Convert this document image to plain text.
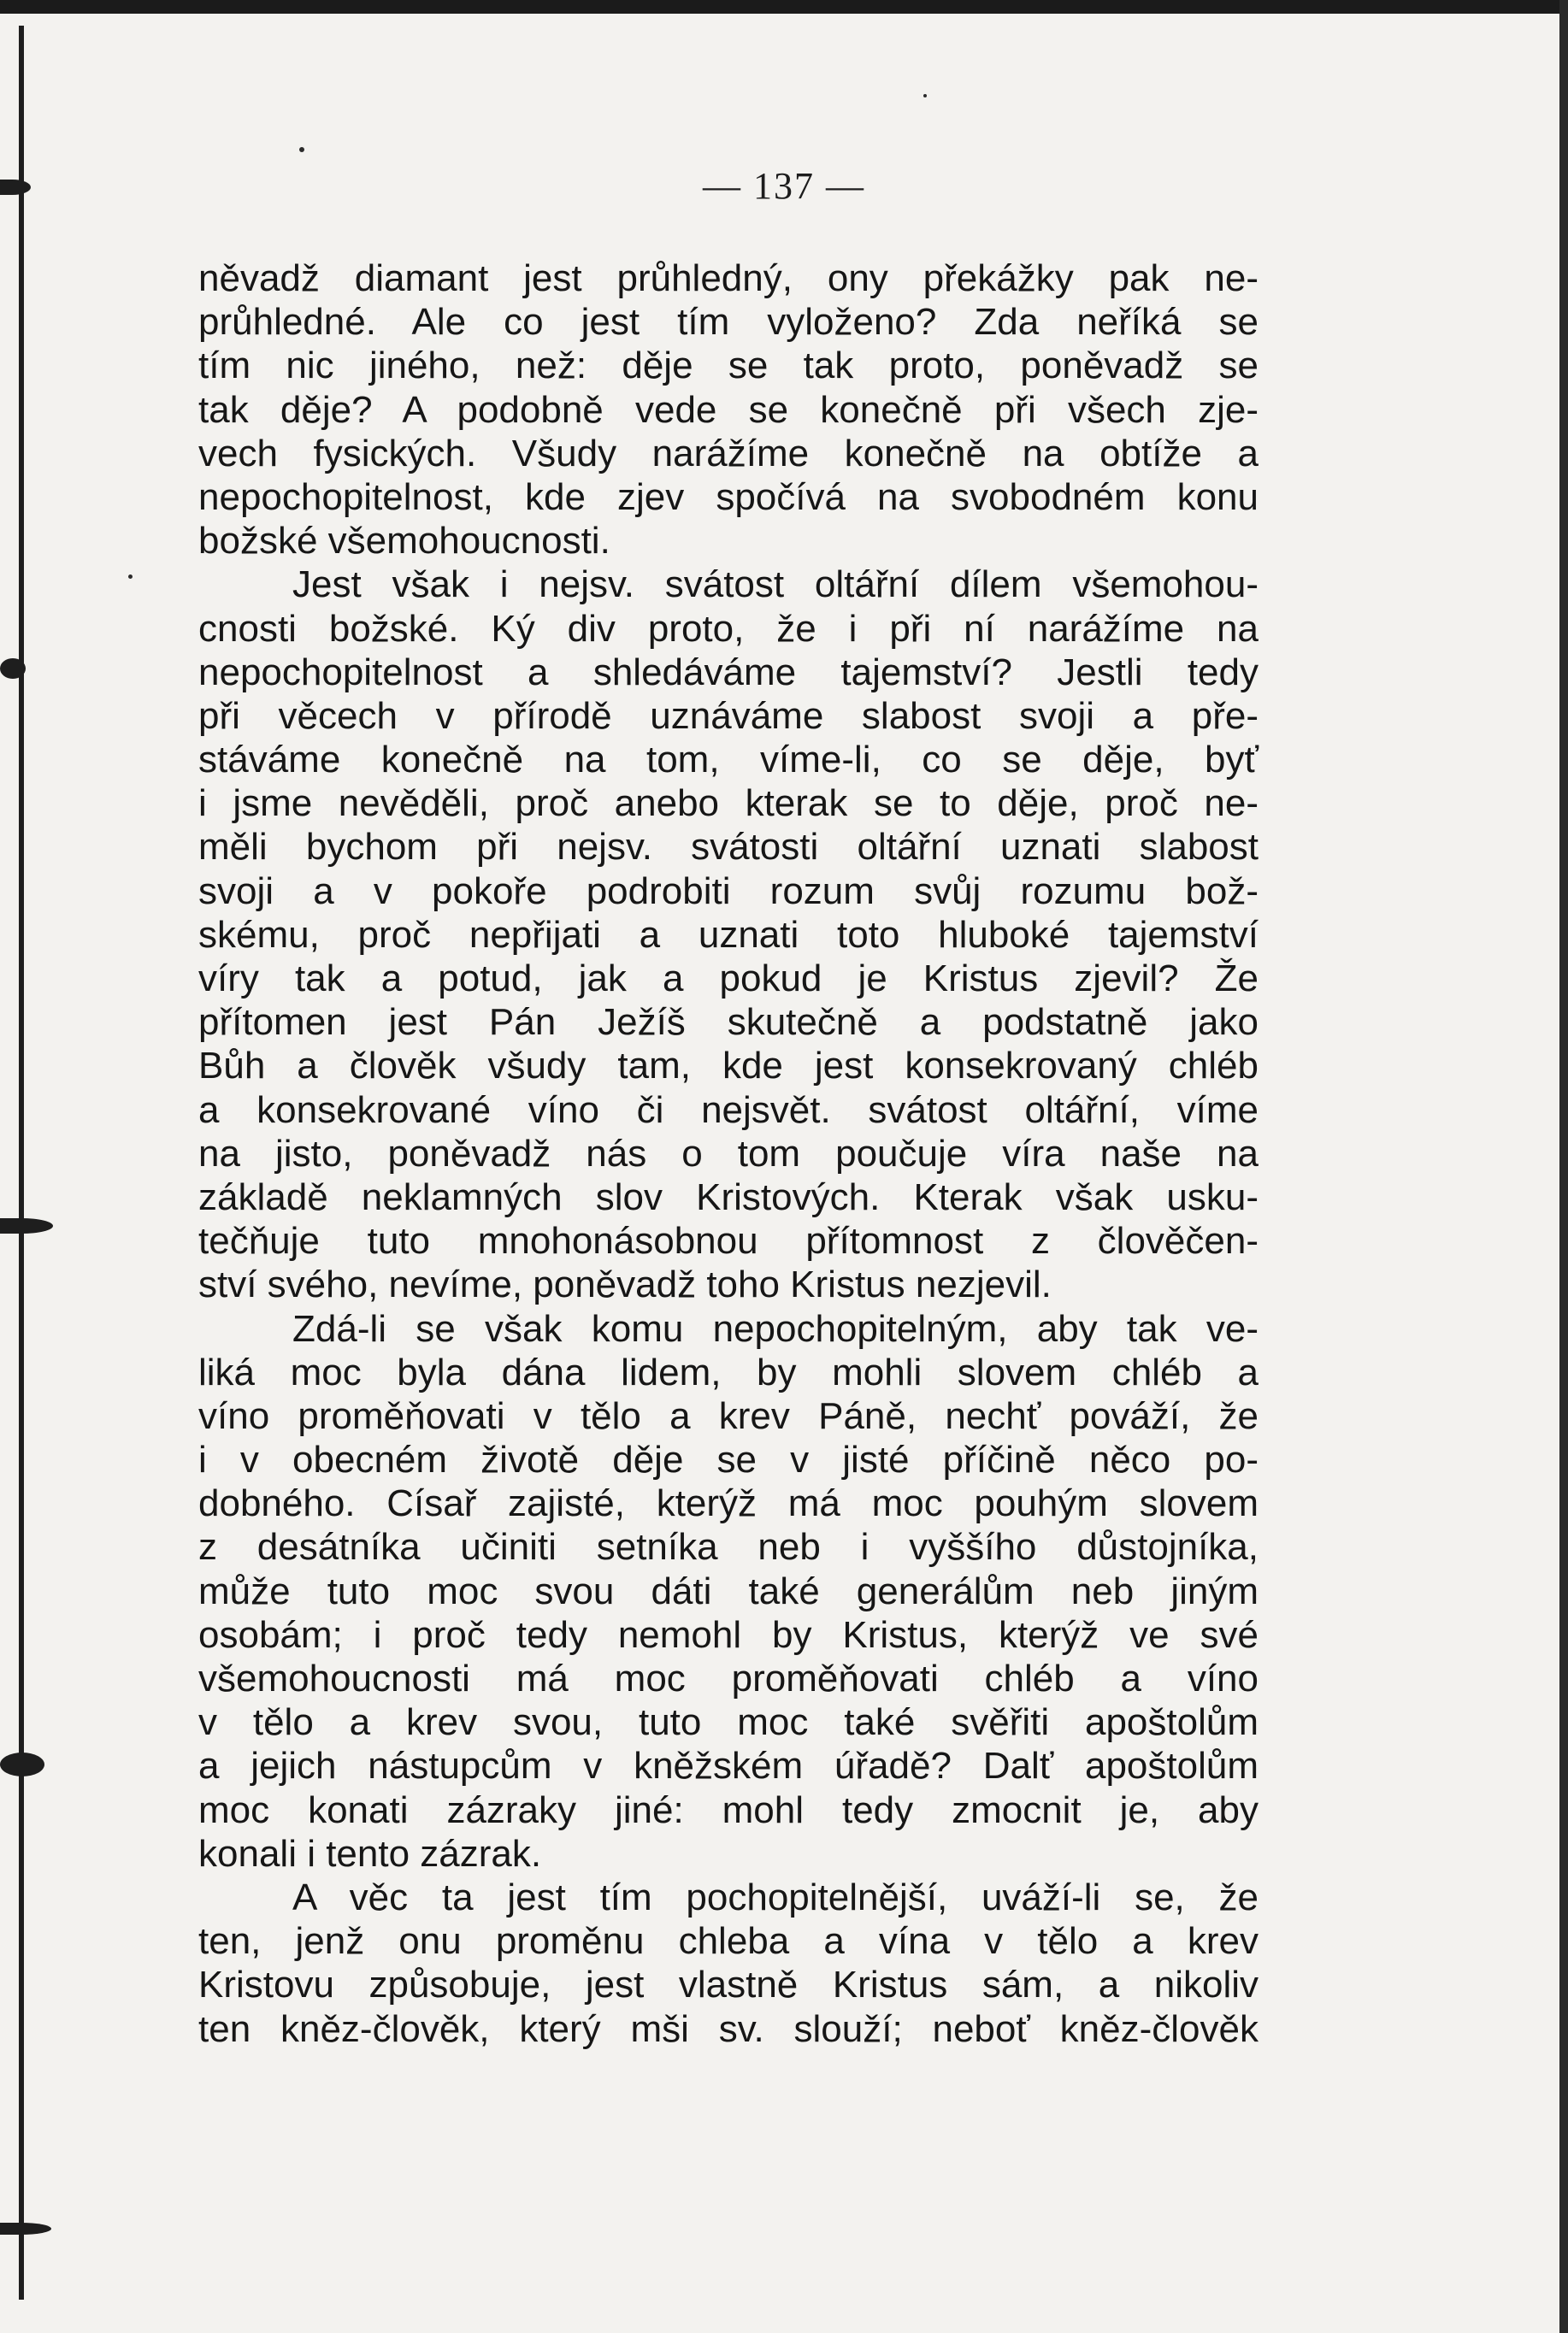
— 137 —
něvadž diamant jest průhledný, ony překážky pak ne-
průhledné. Ale co jest tím vyloženo? Zda neříká se
tím nic jiného, než: děje se tak proto, poněvadž se
tak děje? A podobně vede se konečně při všech zje-
vech fysických. Všudy narážíme konečně na obtíže a
nepochopitelnost, kde zjev spočívá na svobodném konu
božské všemohoucnosti.
Jest však i nejsv. svátost oltářní dílem všemohou-
cnosti božské. Ký div proto, že i při ní narážíme na
nepochopitelnost a shledáváme tajemství? Jestli tedy
při věcech v přírodě uznáváme slabost svoji a pře-
stáváme konečně na tom, víme-li, co se děje, byť
i jsme nevěděli, proč anebo kterak se to děje, proč ne-
měli bychom při nejsv. svátosti oltářní uznati slabost
svoji a v pokoře podrobiti rozum svůj rozumu bož-
skému, proč nepřijati a uznati toto hluboké tajemství
víry tak a potud, jak a pokud je Kristus zjevil? Že
přítomen jest Pán Ježíš skutečně a podstatně jako
Bůh a člověk všudy tam, kde jest konsekrovaný chléb
a konsekrované víno či nejsvět. svátost oltářní, víme
na jisto, poněvadž nás o tom poučuje víra naše na
základě neklamných slov Kristových. Kterak však usku-
tečňuje tuto mnohonásobnou přítomnost z člověčen-
ství svého, nevíme, poněvadž toho Kristus nezjevil.
Zdá-li se však komu nepochopitelným, aby tak ve-
liká moc byla dána lidem, by mohli slovem chléb a
víno proměňovati v tělo a krev Páně, nechť pováží, že
i v obecném životě děje se v jisté příčině něco po-
dobného. Císař zajisté, kterýž má moc pouhým slovem
z desátníka učiniti setníka neb i vyššího důstojníka,
může tuto moc svou dáti také generálům neb jiným
osobám; i proč tedy nemohl by Kristus, kterýž ve své
všemohoucnosti má moc proměňovati chléb a víno
v tělo a krev svou, tuto moc také svěřiti apoštolům
a jejich nástupcům v kněžském úřadě? Dalť apoštolům
moc konati zázraky jiné: mohl tedy zmocnit je, aby
konali i tento zázrak.
A věc ta jest tím pochopitelnější, uváží-li se, že
ten, jenž onu proměnu chleba a vína v tělo a krev
Kristovu způsobuje, jest vlastně Kristus sám, a nikoliv
ten kněz-člověk, který mši sv. slouží; neboť kněz-člověk
